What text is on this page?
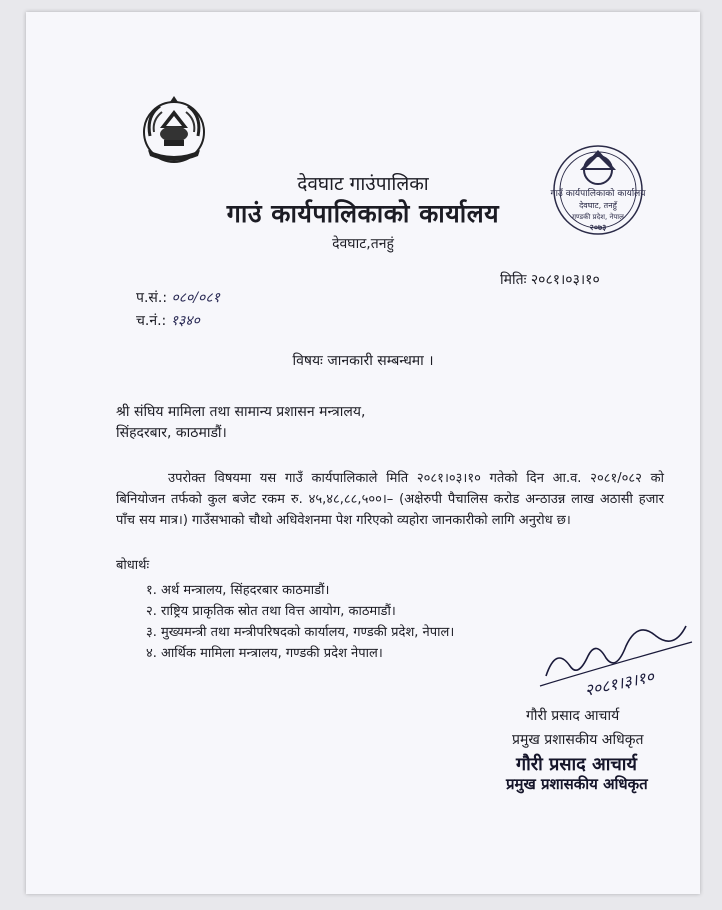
गाउँ कार्यपालिकाको कार्यालय
देवघाट, तनहुँ
गण्डकी प्रदेश, नेपाल
२०७३
देवघाट गाउंपालिका
गाउं कार्यपालिकाको कार्यालय
देवघाट,तनहुं
मितिः २०८१।०३।१०
प.सं.: ०८०/०८१
च.नं.: १३४०
विषयः जानकारी सम्बन्धमा ।
श्री संघिय मामिला तथा सामान्य प्रशासन मन्त्रालय,
सिंहदरबार, काठमाडौं।
उपरोक्त विषयमा यस गाउँ कार्यपालिकाले मिति २०८१।०३।१० गतेको दिन आ.व. २०८१/०८२ को बिनियोजन तर्फको कुल बजेट रकम रु. ४५,४८,८८,५००।– (अक्षेरुपी पैचालिस करोड अन्ठाउन्न लाख अठासी हजार पाँच सय मात्र।) गाउँसभाको चौथो अधिवेशनमा पेश गरिएको व्यहोरा जानकारीको लागि अनुरोध छ।
बोधार्थः
१. अर्थ मन्त्रालय, सिंहदरबार काठमाडौं।
२. राष्ट्रिय प्राकृतिक स्रोत तथा वित्त आयोग, काठमाडौं।
३. मुख्यमन्त्री तथा मन्त्रीपरिषदको कार्यालय, गण्डकी प्रदेश, नेपाल।
४. आर्थिक मामिला मन्त्रालय, गण्डकी प्रदेश नेपाल।
२०८१।३।१०
गौरी प्रसाद आचार्य
प्रमुख प्रशासकीय अधिकृत
गौरी प्रसाद आचार्य
प्रमुख प्रशासकीय अधिकृत
